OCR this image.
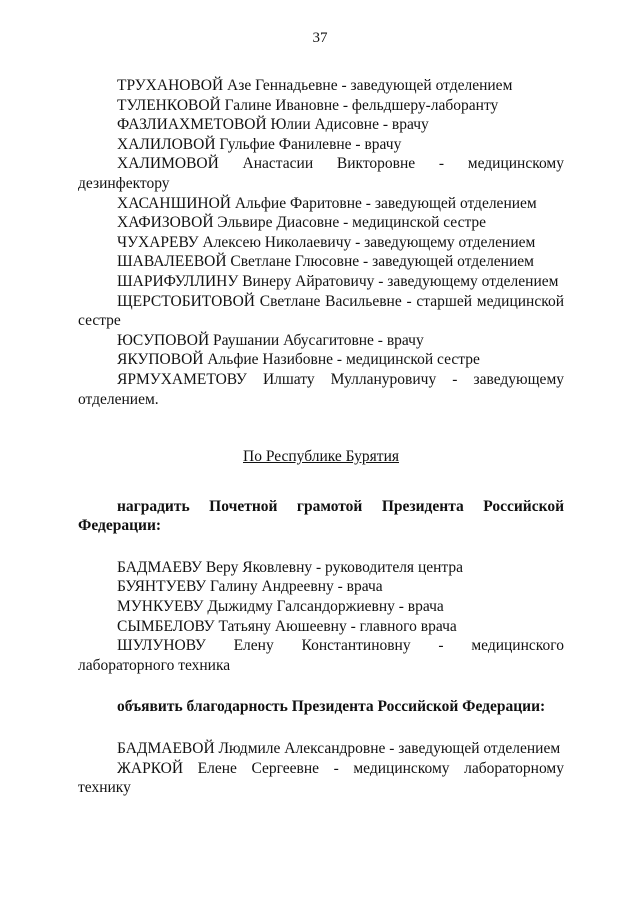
37

ТРУХАНОВОЙ Азе Геннадьевне - заведующей отделением

ТУЛЕНКОВОЙ Галине Ивановне - фельдшеру-лаборанту

ФАЗЛИАХМЕТОВОЙ Юлии Адисовне - врачу

ХАЛИЛОВОЙ Гульфие Фанилевне - врачу

ХАЛИМОВОЙ Анастасии Викторовне - медицинскому дезинфектору

ХАСАНШИНОЙ Альфие Фаритовне - заведующей отделением

ХАФИЗОВОЙ Эльвире Диасовне - медицинской сестре

ЧУХАРЕВУ Алексею Николаевичу - заведующему отделением

ШАВАЛЕЕВОЙ Светлане Глюсовне - заведующей отделением

ШАРИФУЛЛИНУ Винеру Айратовичу - заведующему отделением

ЩЕРСТОБИТОВОЙ Светлане Васильевне - старшей медицинской сестре

ЮСУПОВОЙ Раушании Абусагитовне - врачу

ЯКУПОВОЙ Альфие Назибовне - медицинской сестре

ЯРМУХАМЕТОВУ Илшату Муллануровичу - заведующему отделением.

По Республике Бурятия

наградить Почетной грамотой Президента Российской Федерации:

БАДМАЕВУ Веру Яковлевну - руководителя центра

БУЯНТУЕВУ Галину Андреевну - врача

МУНКУЕВУ Дыжидму Галсандоржиевну - врача

СЫМБЕЛОВУ Татьяну Аюшеевну - главного врача

ШУЛУНОВУ Елену Константиновну - медицинского лабораторного техника

объявить благодарность Президента Российской Федерации:

БАДМАЕВОЙ Людмиле Александровне - заведующей отделением

ЖАРКОЙ Елене Сергеевне - медицинскому лабораторному технику
